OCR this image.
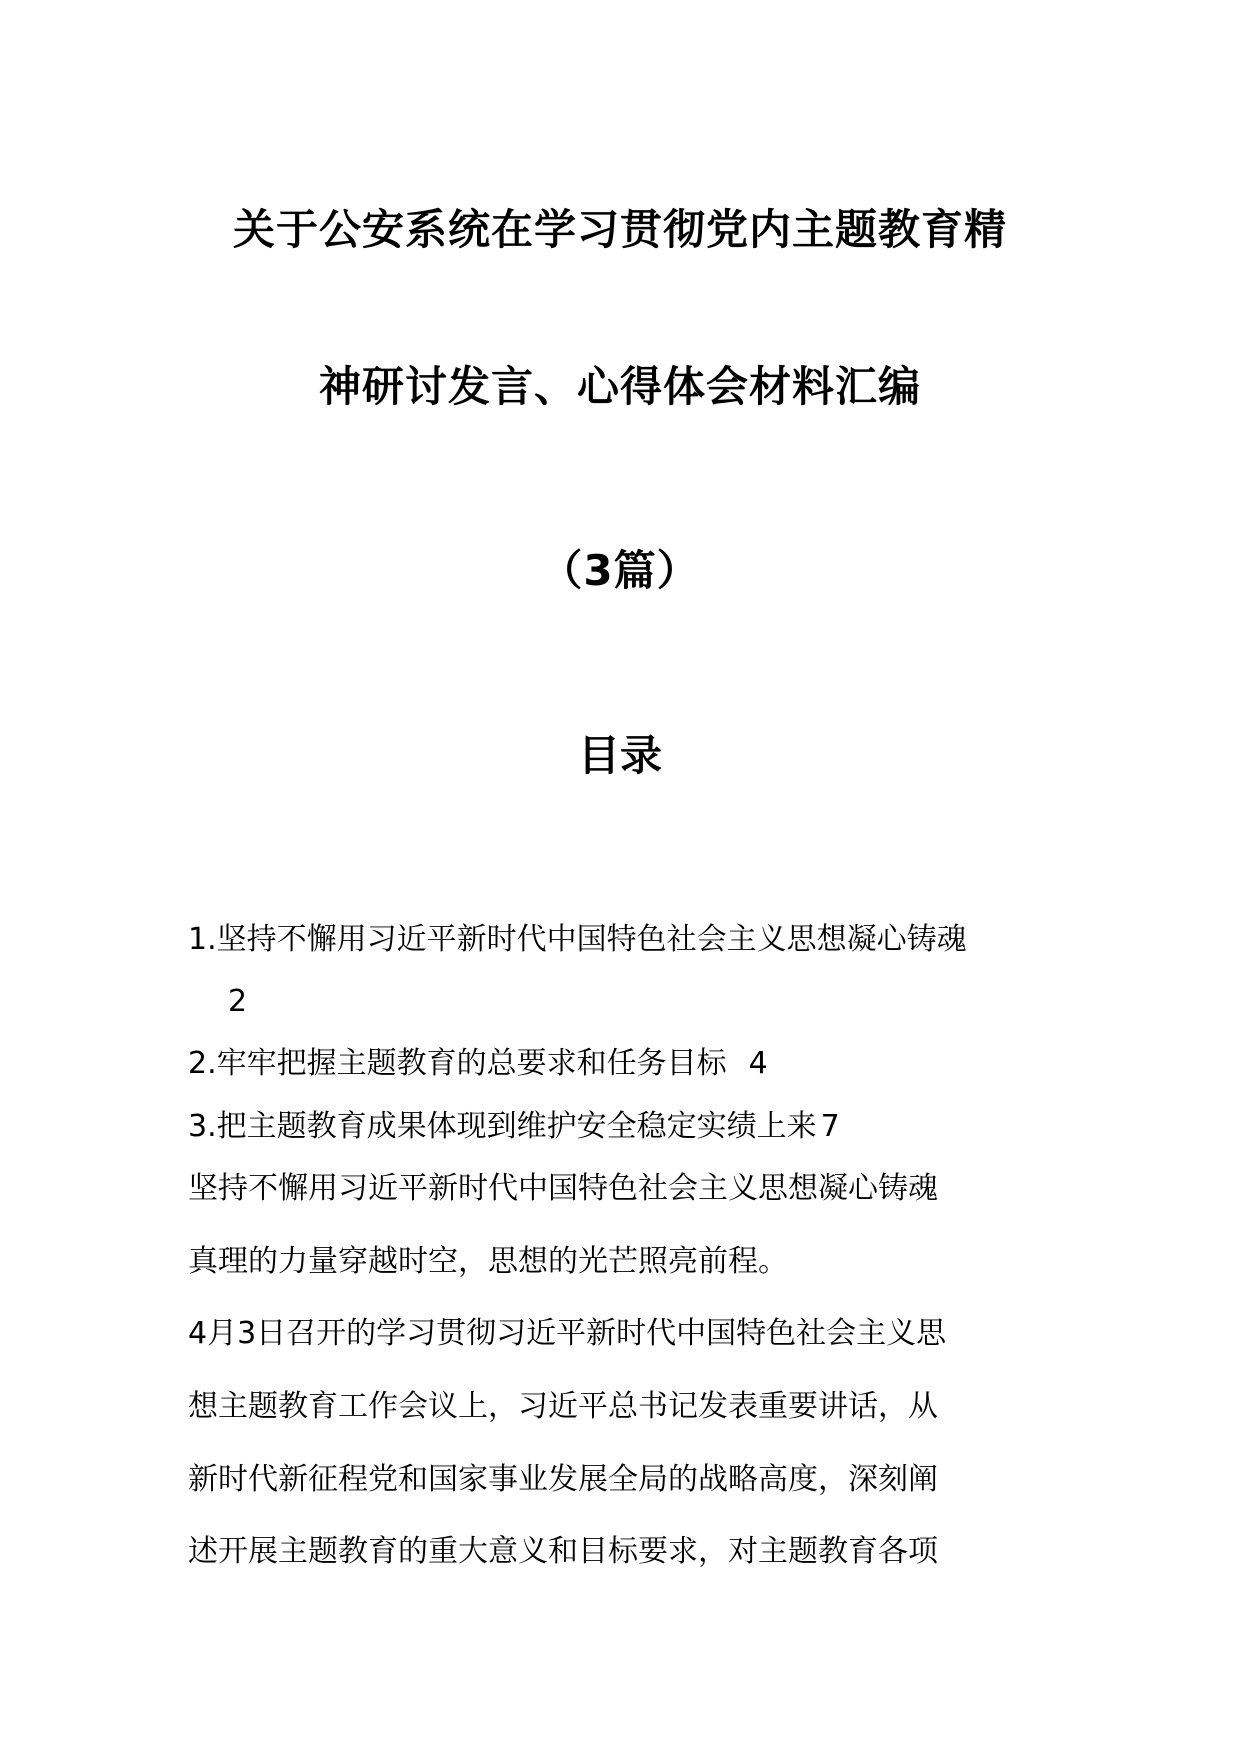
关于公安系统在学习贯彻党内主题教育精
神研讨发言、心得体会材料汇编
（3篇）
目录
1.坚持不懈用习近平新时代中国特色社会主义思想凝心铸魂
2
2.牢牢把握主题教育的总要求和任务目标 4
3.把主题教育成果体现到维护安全稳定实绩上来 7
坚持不懈用习近平新时代中国特色社会主义思想凝心铸魂
真理的力量穿越时空，思想的光芒照亮前程。
4月3日召开的学习贯彻习近平新时代中国特色社会主义思
想主题教育工作会议上，习近平总书记发表重要讲话，从
新时代新征程党和国家事业发展全局的战略高度，深刻阐
述开展主题教育的重大意义和目标要求，对主题教育各项
